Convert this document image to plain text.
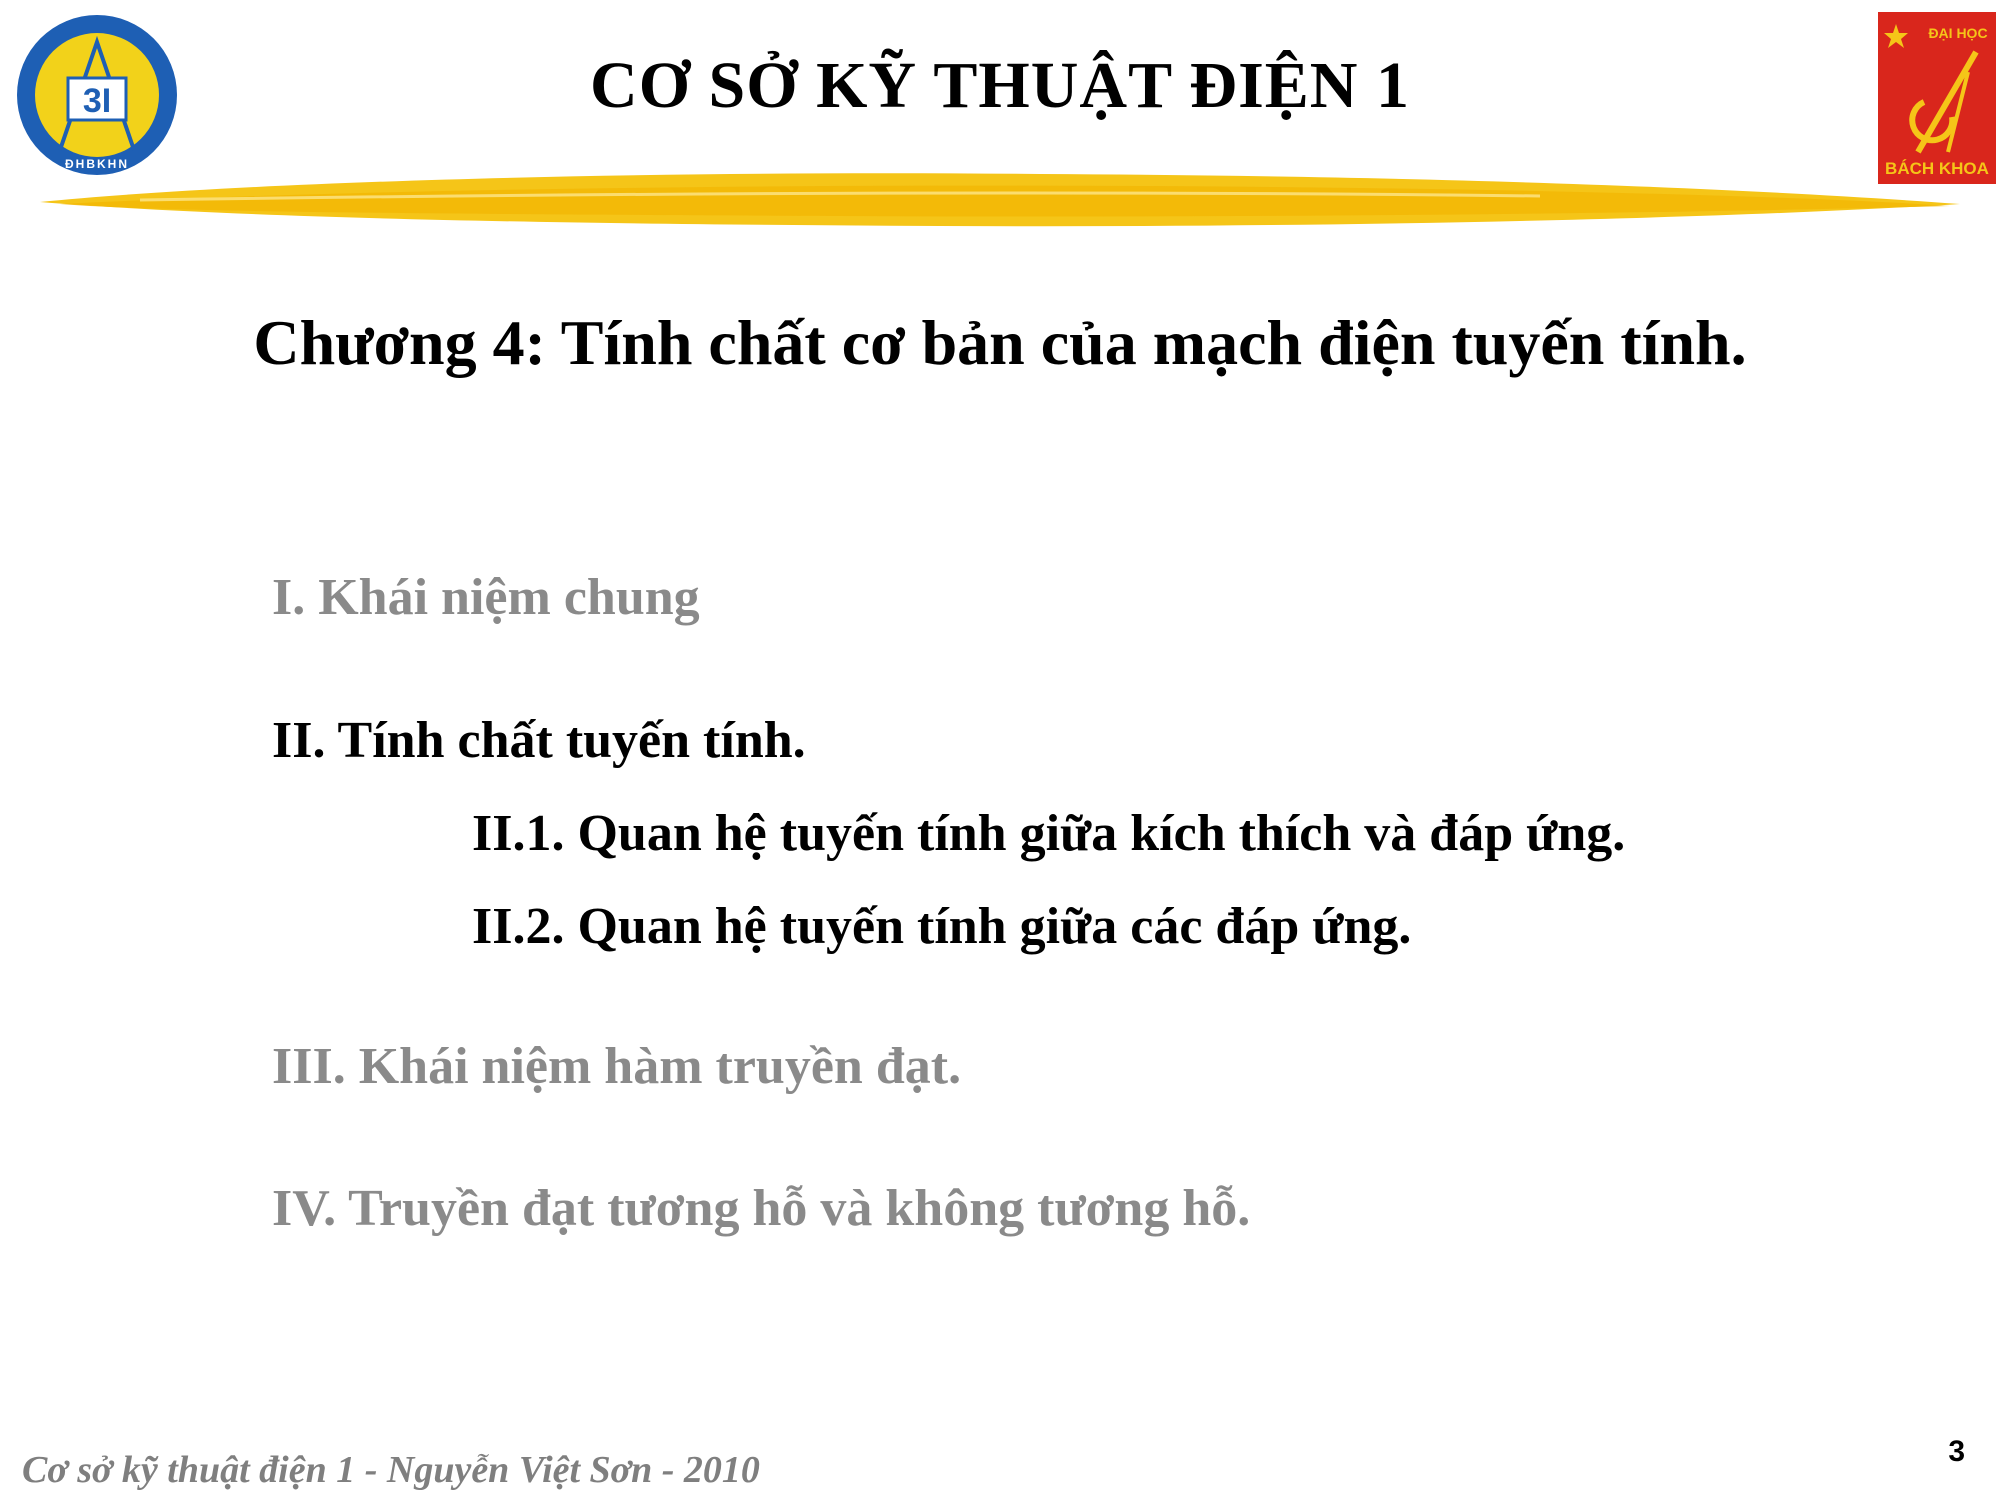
KỸ THUẬT ĐO VÀ TIN HỌC CÔNG NGHIỆP
3I
ĐHBKHN
CƠ SỞ KỸ THUẬT ĐIỆN 1
ĐẠI HỌC
BÁCH KHOA
Chương 4: Tính chất cơ bản của mạch điện tuyến tính.
I. Khái niệm chung
II. Tính chất tuyến tính.
II.1. Quan hệ tuyến tính giữa kích thích và đáp ứng.
II.2. Quan hệ tuyến tính giữa các đáp ứng.
III. Khái niệm hàm truyền đạt.
IV. Truyền đạt tương hỗ và không tương hỗ.
Cơ sở kỹ thuật điện 1 - Nguyễn Việt Sơn - 2010	3
